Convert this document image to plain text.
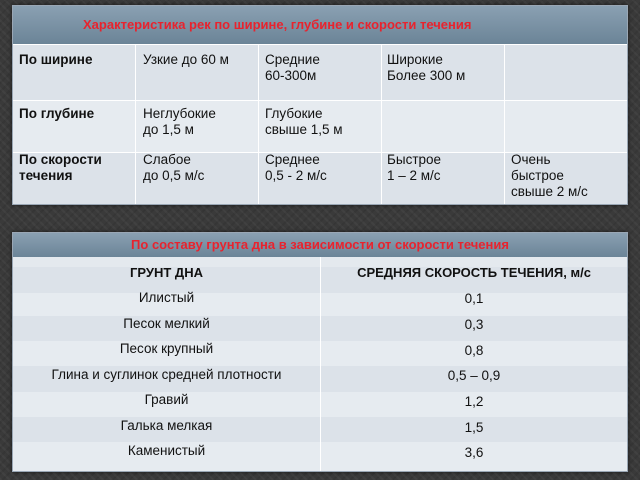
Характеристика рек по ширине, глубине и скорости течения
По ширине
По глубине
По скорости
течения
Узкие до 60 м	Средние
60-300м
Широкие
Более 300 м
Неглубокие
до 1,5 м
Глубокие
свыше 1,5 м
Слабое
до 0,5 м/с
Среднее
0,5 - 2 м/с
Быстрое
1 – 2 м/с
Очень
быстрое
свыше 2 м/с
По составу грунта дна в зависимости от скорости течения
ГРУНТ ДНА	СРЕДНЯЯ СКОРОСТЬ ТЕЧЕНИЯ, м/с
Илистый
Песок мелкий
Песок крупный
Глина и суглинок средней плотности
Гравий
Галька мелкая
Каменистый
0,1
0,3
0,8
0,5 – 0,9
1,2
1,5
3,6
